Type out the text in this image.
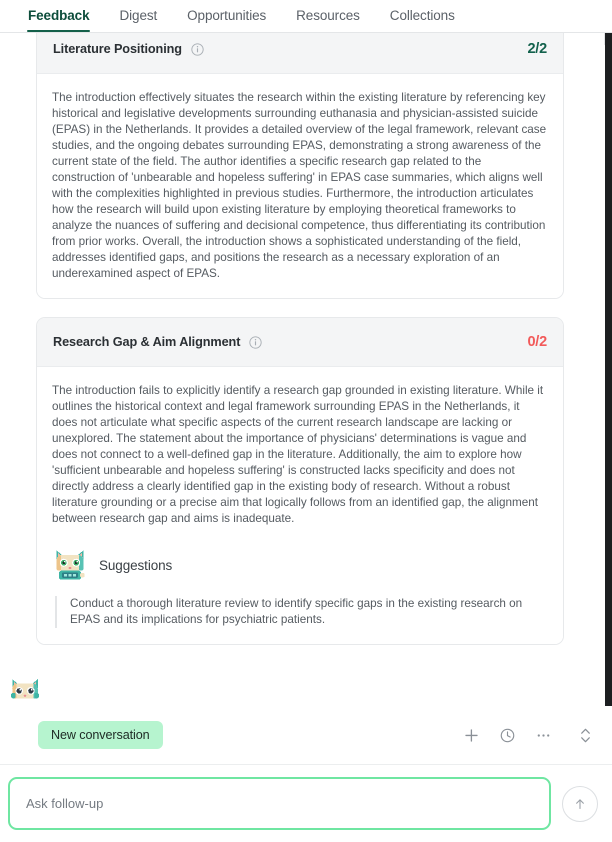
Feedback	Digest	Opportunities	Resources	Collections
Literature Positioning	2/2

The introduction effectively situates the research within the existing literature by referencing key historical and legislative developments surrounding euthanasia and physician-assisted suicide (EPAS) in the Netherlands. It provides a detailed overview of the legal framework, relevant case studies, and the ongoing debates surrounding EPAS, demonstrating a strong awareness of the current state of the field. The author identifies a specific research gap related to the construction of 'unbearable and hopeless suffering' in EPAS case summaries, which aligns well with the complexities highlighted in previous studies. Furthermore, the introduction articulates how the research will build upon existing literature by employing theoretical frameworks to analyze the nuances of suffering and decisional competence, thus differentiating its contribution from prior works. Overall, the introduction shows a sophisticated understanding of the field, addresses identified gaps, and positions the research as a necessary exploration of an underexamined aspect of EPAS.

Research Gap & Aim Alignment	0/2

The introduction fails to explicitly identify a research gap grounded in existing literature. While it outlines the historical context and legal framework surrounding EPAS in the Netherlands, it does not articulate what specific aspects of the current research landscape are lacking or unexplored. The statement about the importance of physicians' determinations is vague and does not connect to a well-defined gap in the literature. Additionally, the aim to explore how 'sufficient unbearable and hopeless suffering' is constructed lacks specificity and does not directly address a clearly identified gap in the existing body of research. Without a robust literature grounding or a precise aim that logically follows from an identified gap, the alignment between research gap and aims is inadequate.

Suggestions

Conduct a thorough literature review to identify specific gaps in the existing research on EPAS and its implications for psychiatric patients.

New conversation
Ask follow-up
